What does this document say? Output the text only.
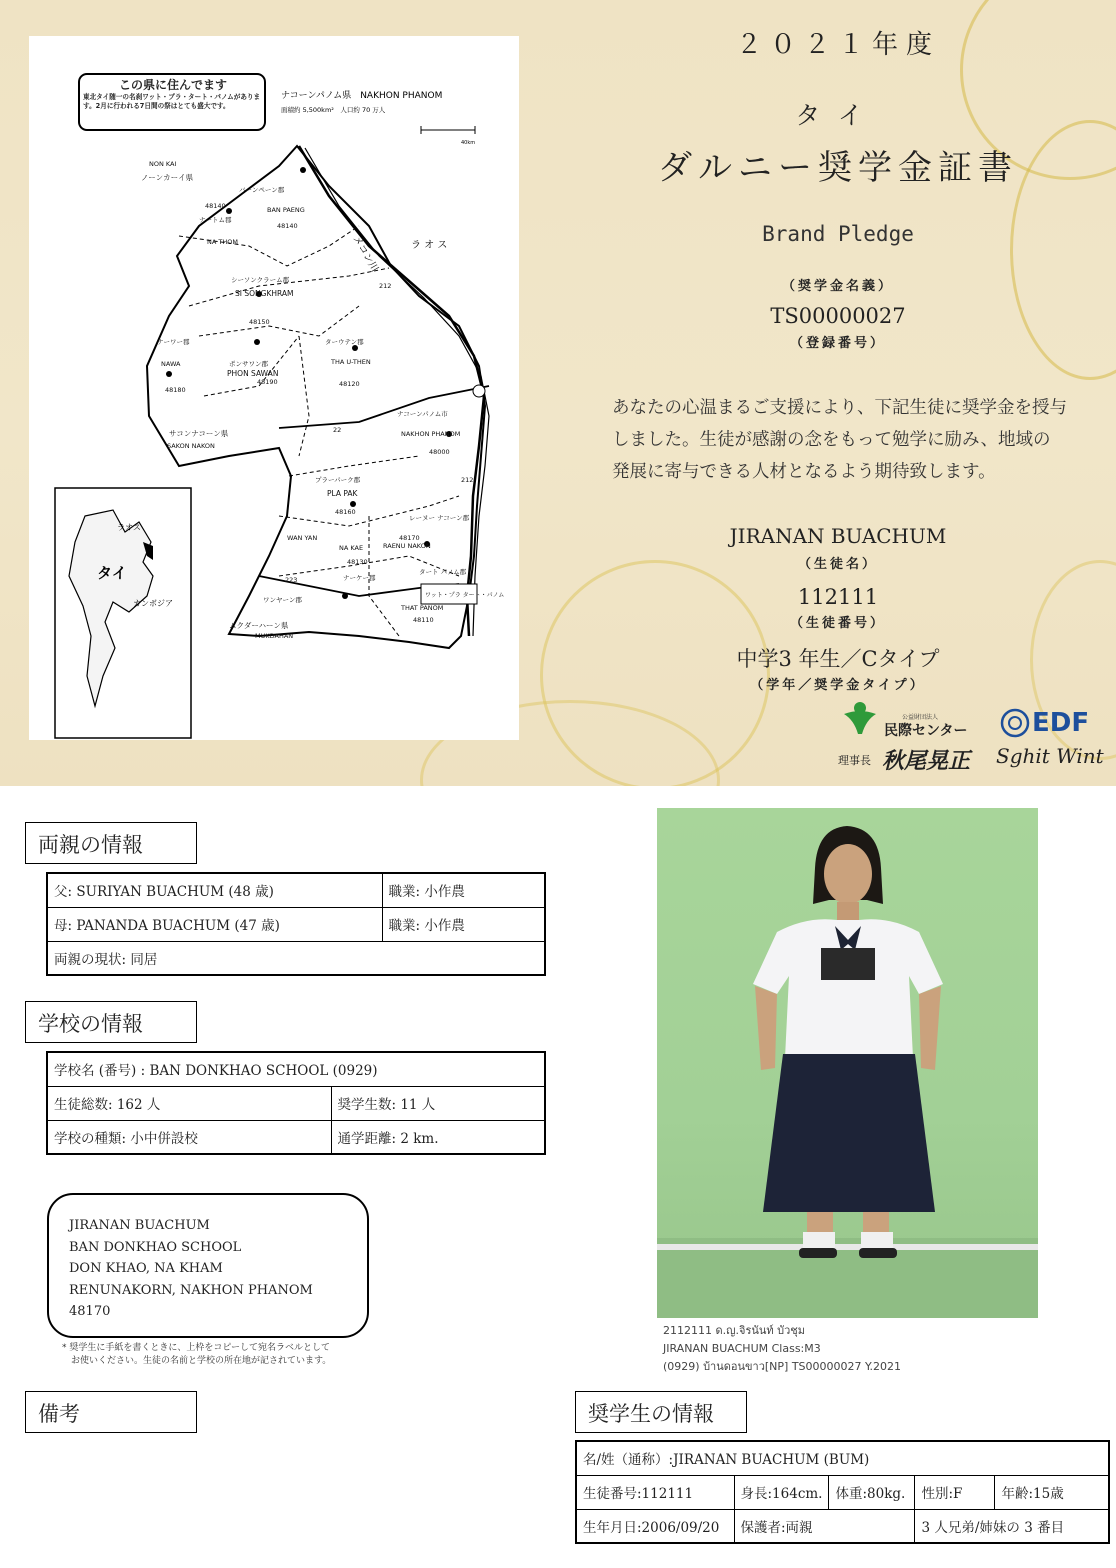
この県に住んでます
東北タイ随一の名刹ワット・プラ・タート・パノムがあります。2月に行われる7日間の祭はとても盛大です。
ナコーンパノム県　NAKHON PHANOM
面積約 5,500km²　人口約 70 万人
40km
NON KAI
ノーンカーイ県
バーンペーン郡
BAN PAENG
48140
48140
ナートム郡
NA THOM	メコン川	ラ オ ス
212
シーソンクラーム郡
SI SONGKHRAM
48150
ナーワー郡
NAWA
48180
ポンサワン郡
PHON SAWAN
48190
ターウテン郡
THA U-THEN
48120
ナコーンパノム市
NAKHON PHANOM
48000
サコンナコーン県
SAKON NAKON
22
212
プラーパーク郡
PLA PAK
48160
レーヌー ナコーン郡
RAENU NAKON
48170
WAN YAN
NA KAE
48130
ナーケー郡
タート パノム郡
THAT PANOM
48110
223
ワンヤーン郡
ムクダーハーン県
MUKDAHAN
ワット・プラ タート・パノム
ラオス
タイ
カンボジア
２０２１年度
タイ
ダルニー奨学金証書
Brand Pledge
（奨学金名義）
TS00000027
（登録番号）
あなたの心温まるご支援により、下記生徒に奨学金を授与しました。生徒が感謝の念をもって勉学に励み、地域の発展に寄与できる人材となるよう期待致します。
JIRANAN BUACHUM
（生徒名）
112111
（生徒番号）
中学3 年生／Cタイプ
（学年／奨学金タイプ）
公益財団法人
民際センター
理事長 秋尾晃正
EDF
Sghit Wint
両親の情報
父: SURIYAN BUACHUM (48 歳)	職業: 小作農
母: PANANDA BUACHUM (47 歳)	職業: 小作農
両親の現状: 同居	
学校の情報
学校名 (番号) : BAN DONKHAO SCHOOL (0929)	
生徒総数: 162 人	奨学生数: 11 人
学校の種類: 小中併設校	通学距離: 2 km.
JIRANAN BUACHUM
BAN DONKHAO SCHOOL
DON KHAO, NA KHAM
RENUNAKORN, NAKHON PHANOM
48170
* 奨学生に手紙を書くときに、上枠をコピーして宛名ラベルとして
お使いください。生徒の名前と学校の所在地が記されています。
備考
2112111 ด.ญ.จิรนันท์ บัวชุม
JIRANAN BUACHUM Class:M3
(0929) บ้านดอนขาว[NP] TS00000027 Y.2021
奨学生の情報
名/姓（通称）:JIRANAN BUACHUM (BUM)				
生徒番号:112111	身長:164cm.	体重:80kg.	性別:F	年齢:15歳
生年月日:2006/09/20	保護者:両親		3 人兄弟/姉妹の 3 番目	
